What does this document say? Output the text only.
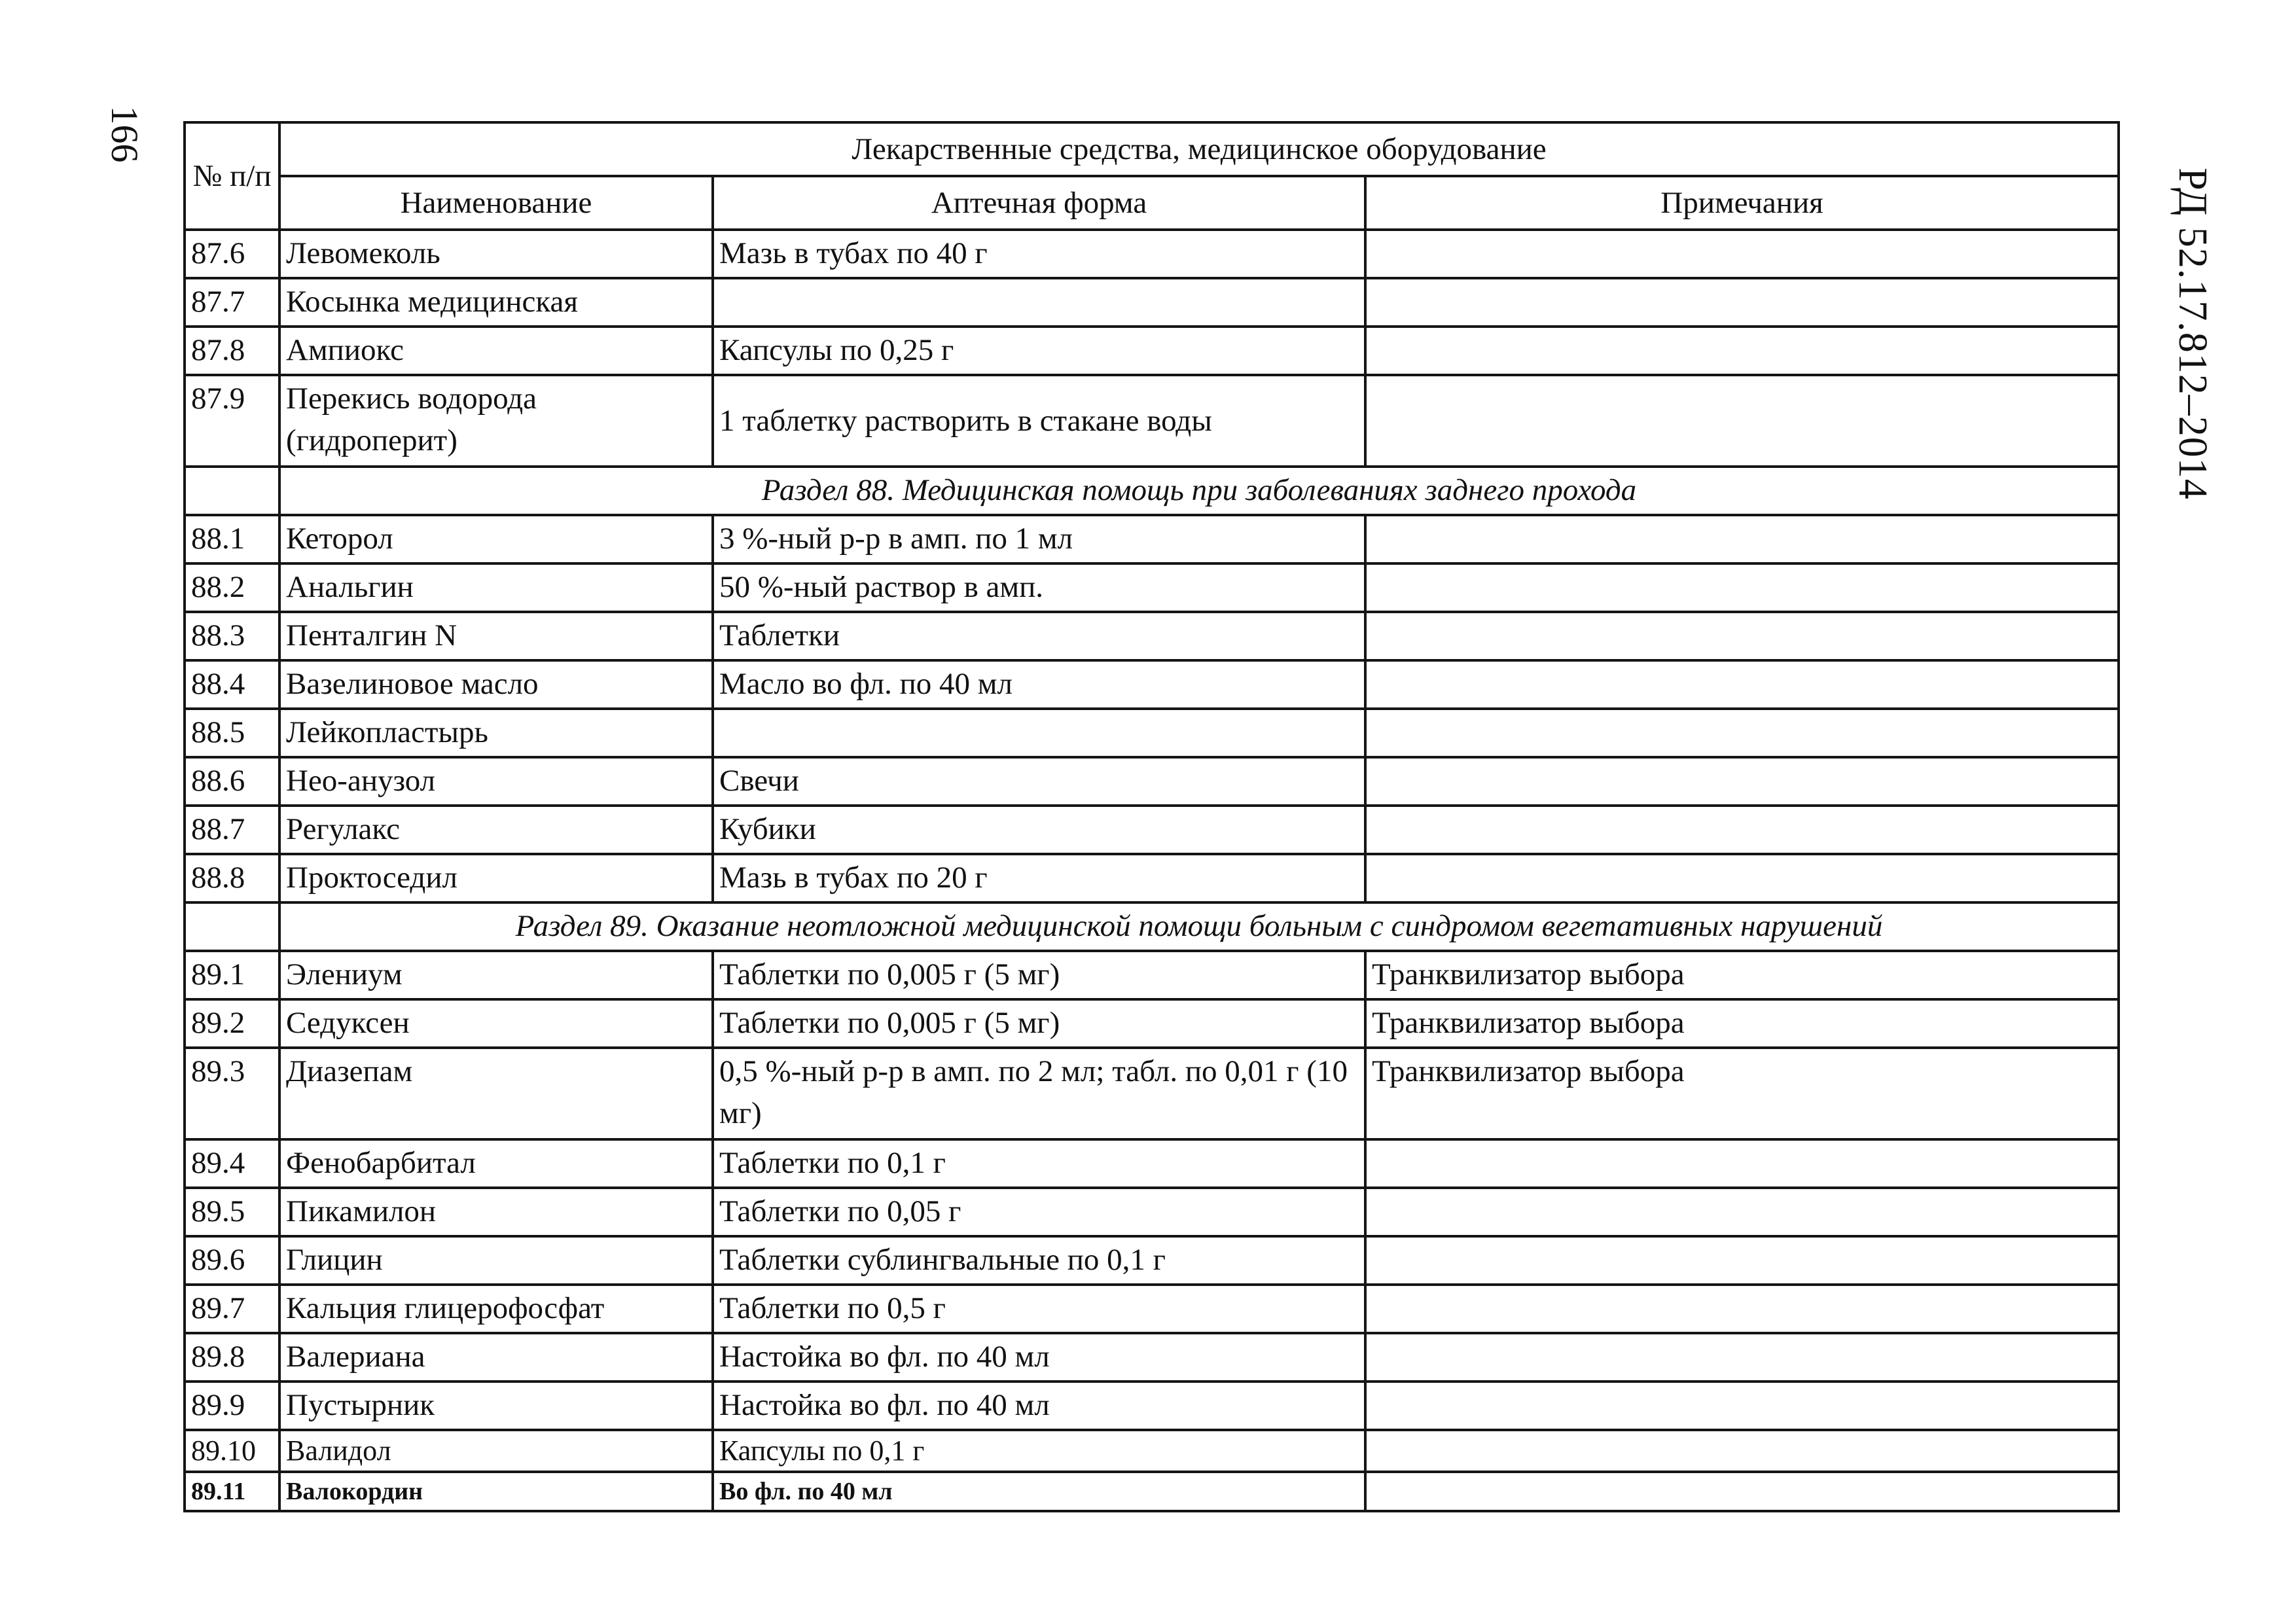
166
РД 52.17.812–2014
№ п/п	Лекарственные средства, медицинское оборудование		
	Наименование	Аптечная форма	Примечания
87.6	Левомеколь	Мазь в тубах по 40 г	
87.7	Косынка медицинская		
87.8	Ампиокс	Капсулы по 0,25 г	
87.9	Перекись водорода (гидроперит)	1 таблетку растворить в стакане воды	
	Раздел 88. Медицинская помощь при заболеваниях заднего прохода		
88.1	Кеторол	3 %-ный р-р в амп. по 1 мл	
88.2	Анальгин	50 %-ный раствор в амп.	
88.3	Пенталгин N	Таблетки	
88.4	Вазелиновое масло	Масло во фл. по 40 мл	
88.5	Лейкопластырь		
88.6	Нео-анузол	Свечи	
88.7	Регулакс	Кубики	
88.8	Проктоседил	Мазь в тубах по 20 г	
	Раздел 89. Оказание неотложной медицинской помощи больным с синдромом вегетативных нарушений		
89.1	Элениум	Таблетки по 0,005 г (5 мг)	Транквилизатор выбора
89.2	Седуксен	Таблетки по 0,005 г (5 мг)	Транквилизатор выбора
89.3	Диазепам	0,5 %-ный р-р в амп. по 2 мл; табл. по 0,01 г (10 мг)	Транквилизатор выбора
89.4	Фенобарбитал	Таблетки по 0,1 г	
89.5	Пикамилон	Таблетки по 0,05 г	
89.6	Глицин	Таблетки сублингвальные по 0,1 г	
89.7	Кальция глицерофосфат	Таблетки по 0,5 г	
89.8	Валериана	Настойка во фл. по 40 мл	
89.9	Пустырник	Настойка во фл. по 40 мл	
89.10	Валидол	Капсулы по 0,1 г	
89.11	Валокордин	Во фл. по 40 мл	
